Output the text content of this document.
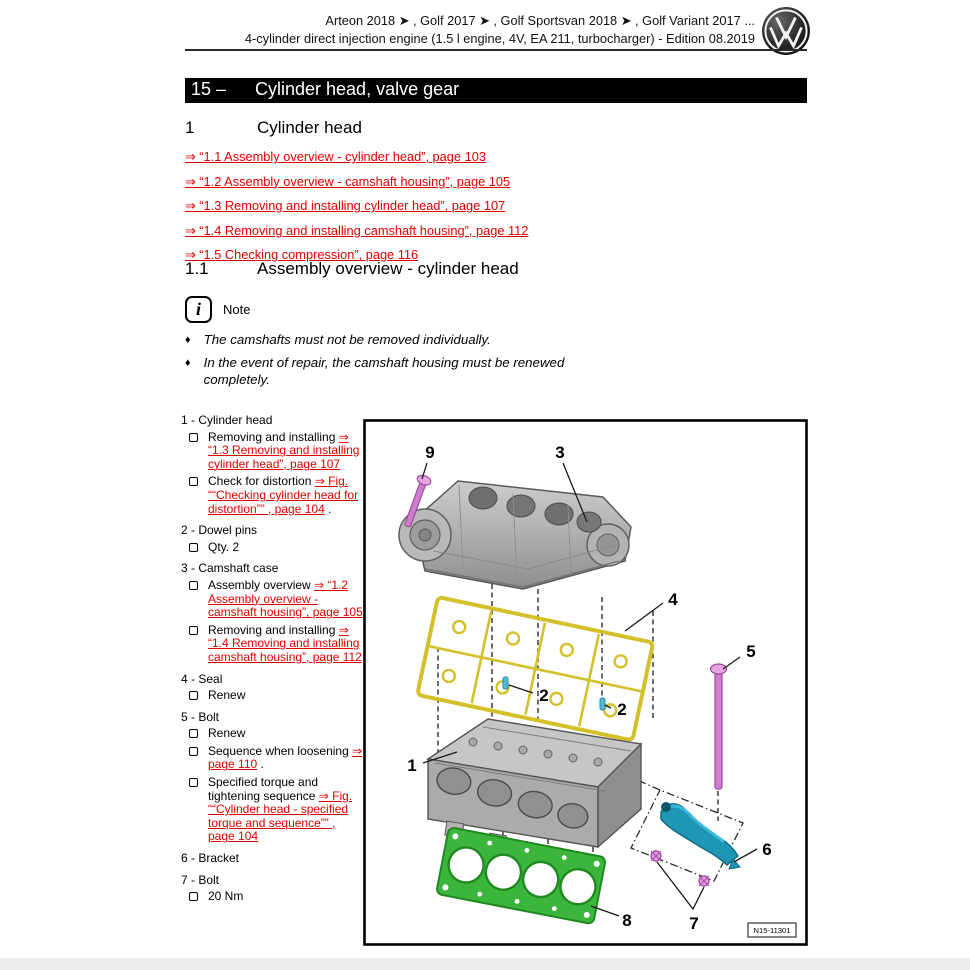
Arteon 2018 ➤ , Golf 2017 ➤ , Golf Sportsvan 2018 ➤ , Golf Variant 2017 ...
4-cylinder direct injection engine (1.5 l engine, 4V, EA 211, turbocharger) - Edition 08.2019
15 – Cylinder head, valve gear
1	Cylinder head
⇒ “1.1 Assembly overview - cylinder head”, page 103
⇒ “1.2 Assembly overview - camshaft housing”, page 105
⇒ “1.3 Removing and installing cylinder head”, page 107
⇒ “1.4 Removing and installing camshaft housing”, page 112
⇒ “1.5 Checking compression”, page 116
1.1	Assembly overview - cylinder head
i	Note
♦ The camshafts must not be removed individually.
♦ In the event of repair, the camshaft housing must be renewed completely.
1 - Cylinder head
Removing and installing ⇒ “1.3 Removing and installing cylinder head”, page 107
Check for distortion ⇒ Fig. ““Checking cylinder head for distortion”” , page 104 .
2 - Dowel pins
Qty. 2
3 - Camshaft case
Assembly overview ⇒ “1.2 Assembly overview - camshaft housing”, page 105
Removing and installing ⇒ “1.4 Removing and installing camshaft housing”, page 112
4 - Seal
Renew
5 - Bolt
Renew
Sequence when loosening ⇒ page 110 .
Specified torque and tightening sequence ⇒ Fig. ““Cylinder head - specified torque and sequence”” , page 104
6 - Bracket
7 - Bolt
20 Nm
9	3
4
5
2
2
1
6
7
8
N15-11301
